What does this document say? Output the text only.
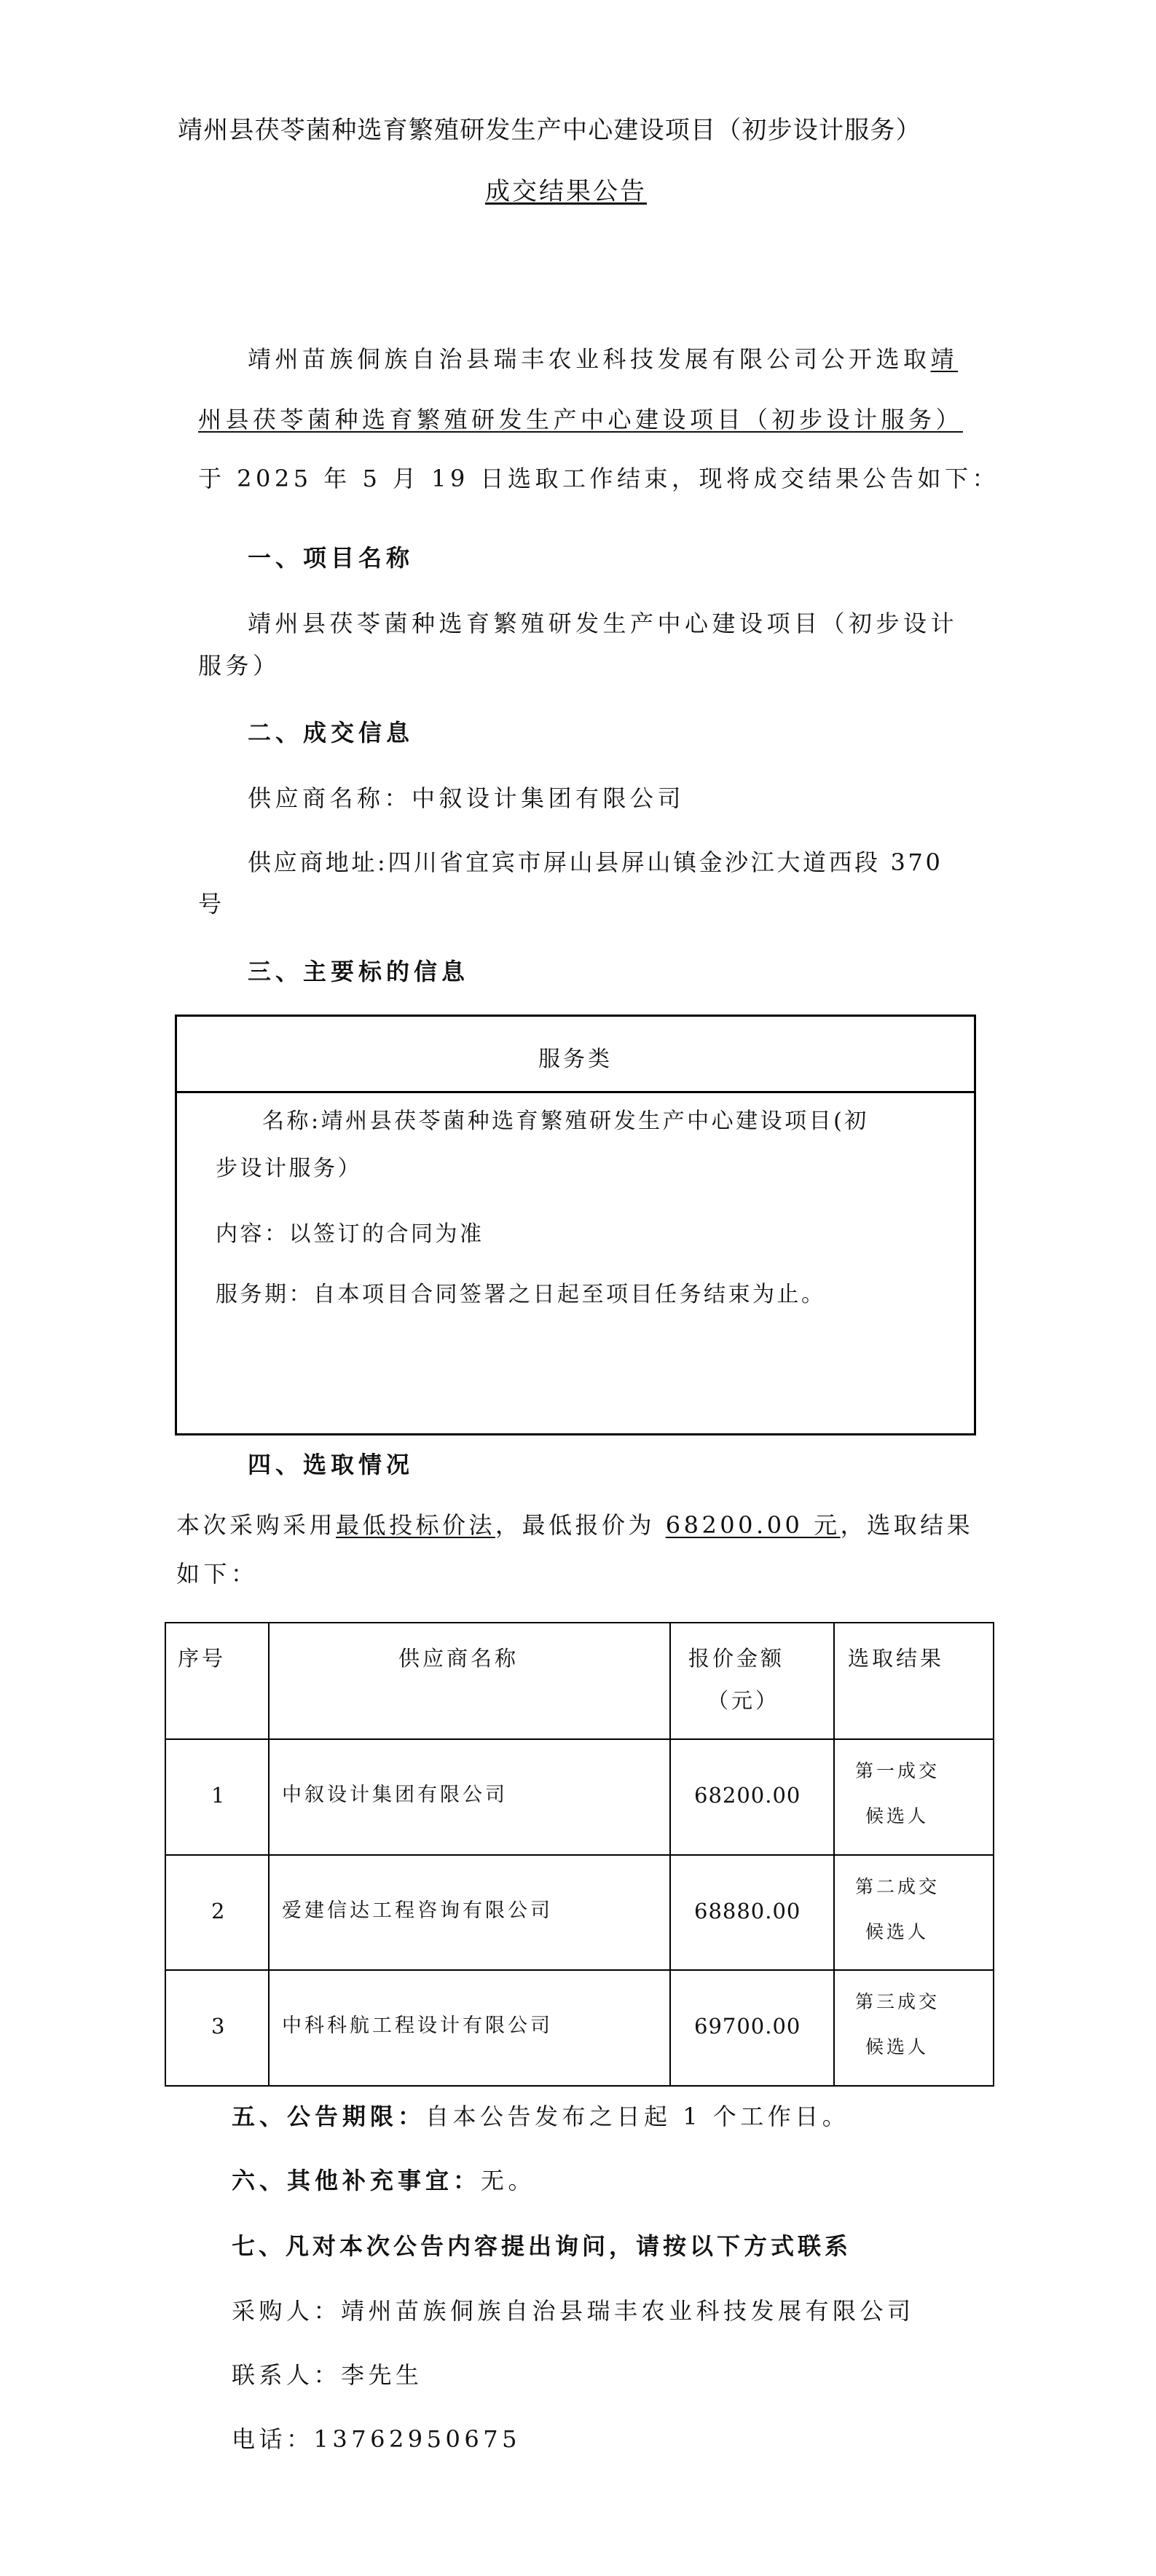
靖州县茯苓菌种选育繁殖研发生产中心建设项目（初步设计服务）
成交结果公告
靖州苗族侗族自治县瑞丰农业科技发展有限公司公开选取靖
州县茯苓菌种选育繁殖研发生产中心建设项目（初步设计服务）
于 2025 年 5 月 19 日选取工作结束，现将成交结果公告如下：
一、项目名称
靖州县茯苓菌种选育繁殖研发生产中心建设项目（初步设计
服务）
二、成交信息
供应商名称：中叙设计集团有限公司
供应商地址:四川省宜宾市屏山县屏山镇金沙江大道西段 370
号
三、主要标的信息
服务类
名称:靖州县茯苓菌种选育繁殖研发生产中心建设项目(初
步设计服务）
内容：以签订的合同为准
服务期：自本项目合同签署之日起至项目任务结束为止。
四、选取情况
本次采购采用最低投标价法，最低报价为 68200.00 元，选取结果
如下：
序号	供应商名称	报价金额
（元）	选取结果

1	中叙设计集团有限公司	68200.00	第一成交
候选人

2	爱建信达工程咨询有限公司	68880.00	第二成交
候选人

3	中科科航工程设计有限公司	69700.00	第三成交
候选人
五、公告期限：自本公告发布之日起 1 个工作日。
六、其他补充事宜：无。
七、凡对本次公告内容提出询问，请按以下方式联系
采购人：靖州苗族侗族自治县瑞丰农业科技发展有限公司
联系人：李先生
电话：13762950675
